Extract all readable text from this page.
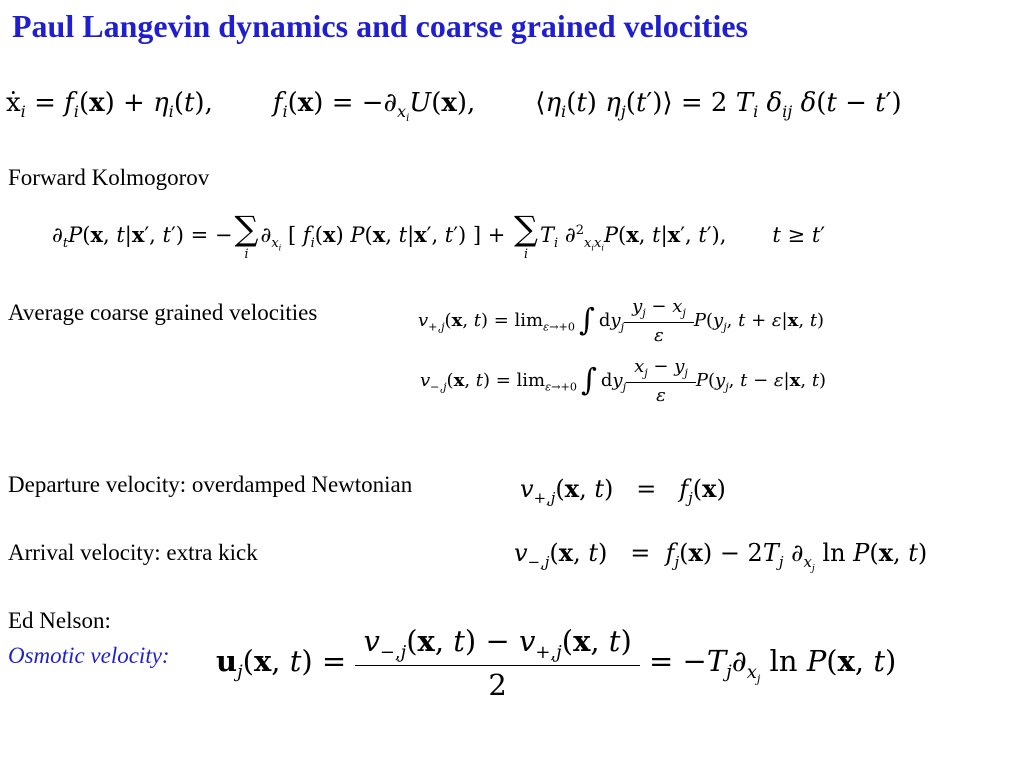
Paul Langevin dynamics and coarse grained velocities
ẋ$_i$ = $f_i(x) + \eta_i(t)$, $f_i(x) = -\partial_{x_i}U(x)$, $⟨\eta_i(t)$ $\eta_j(t')⟩ = 2$ $T_i$ $\delta_{ij}$ δ(t − t′)
Forward Kolmogorov
$\partial_tP(x$, t|x′, t′) = − ∑
i
$\partial_{x_i}$ [ $f_i(x)$ P(x, t|x′, t′) ] + ∑
i
$T_i$ ∂$^2_{x_ix_i}$P(x, t|x′, t′), t ≥ t′
Average coarse grained velocities	$v_{+,j}(x$, $t) = \lim_{\varepsilon\to+0}$ ∫ $dy_j \frac{y_j - x_j}{\varepsilon} P(y_j$, t + ε|x, t)
$v_{-,j}(x$, $t) = \lim_{\varepsilon\to+0}$ ∫ $dy_j \frac{x_j - y_j}{\varepsilon} P(y_j$, t − ε|x, t)
Departure velocity: overdamped Newtonian	$v_{+,j}(x$, $t) = f_j(x)$
Arrival velocity: extra kick	$v_{-,j}(x$, $t) = f_j(x) - 2T_j$ $\partial_{x_j}$ ln P(x, t)
Ed Nelson:
Osmotic velocity: $u_j(x$, $t) = \frac{v_{-,j}(x, t) - v_{+,j}(x, t)}{2} = -T_j\partial_{x_j}$ ln P(x, t)
